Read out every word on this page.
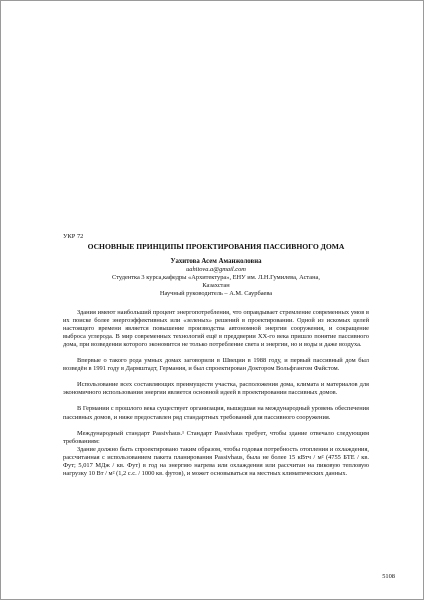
УКР 72

ОСНОВНЫЕ ПРИНЦИПЫ ПРОЕКТИРОВАНИЯ ПАССИВНОГО ДОМА

Уахитова Асем Аманжоловна

uahitova.a@gmail.com

Студентка 3 курса,кафедры «Архитектура», ЕНУ им. Л.Н.Гумилева, Астана,

Казахстан

Научный руководитель – А.М. Саурбаева

Здания имеют наибольший процент энергопотребления, что оправдывает стремление современных умов в их поиске более энергоэффективных или «зеленых» решений в проектировании. Одной из искомых целей настоящего времени является повышение производства автономной энергии сооружения, и сокращение выброса углерода. В мир современных технологий ещё в преддверии XX-го века пришло понятие пассивного дома, при возведении которого экономится не только потребление света и энергии, но и воды и даже воздуха.

Впервые о такого рода умных домах заговорили в Швеции в 1988 году, и первый пассивный дом был возведён в 1991 году в Дармштадт, Германия, и был спроектирован Доктором Вольфгангом Файстом.

Использование всех составляющих преимуществ участка, расположения дома, климата и материалов для экономичного использования энергии является основной идеей в проектировании пассивных домов.

В Германии с прошлого века существует организация, вышедшая на международный уровень обеспечения пассивных домов, и ниже предоставлен ряд стандартных требований для пассивного сооружения.

Международный стандарт Passivhaus.¹ Стандарт Passivhaus требует, чтобы здание отвечало следующим требованиям:

Здание должно быть спроектировано таким образом, чтобы годовая потребность отопления и охлаждения, рассчитанная с использованием пакета планирования Passivhaus, была не более 15 кВтч / м² (4755 БТЕ / кв. Фут; 5,017 МДж / кв. Фут) в год на энергию нагрева или охлаждения или рассчитан на пиковую тепловую нагрузку 10 Вт / м² (1,2 с.с. / 1000 кв. футов), и может основываться на местных климатических данных.

5108
